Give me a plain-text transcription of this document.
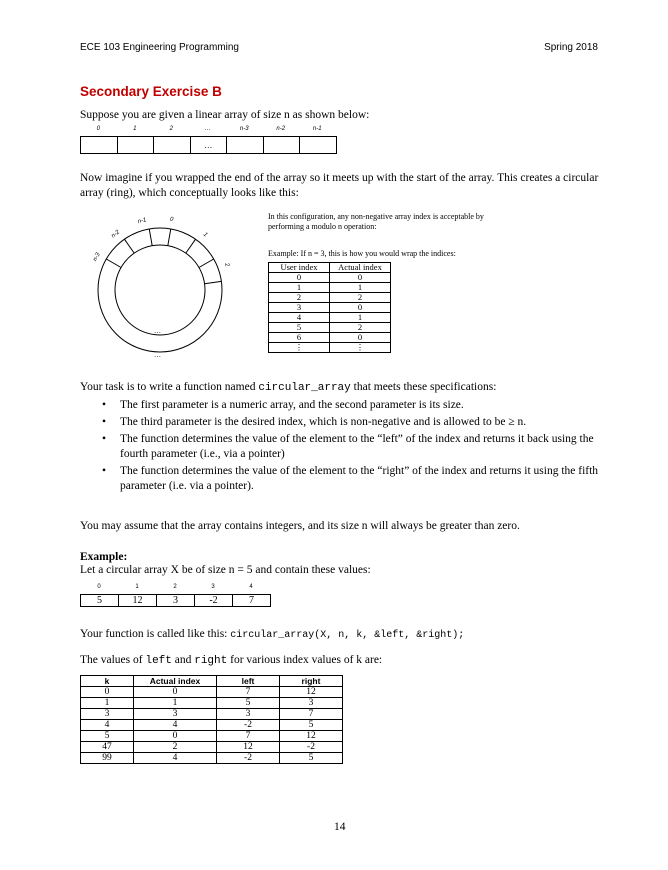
ECE 103 Engineering Programming	Spring 2018
Secondary Exercise B
Suppose you are given a linear array of size n as shown below:
0	1	2	…	n-3	n-2	n-1
…
Now imagine if you wrapped the end of the array so it meets up with the start of the array. This creates a circular array (ring), which conceptually looks like this:
n-3
n-2
n-1	0
1
2
…
…
In this configuration, any non-negative array index is acceptable by performing a modulo n operation:
Example: If n = 3, this is how you would wrap the indices:
User index	Actual index
0	0
1	1
2	2
3	0
4	1
5	2
6	0
⋮	⋮
Your task is to write a function named circular_array that meets these specifications:
• The first parameter is a numeric array, and the second parameter is its size.
• The third parameter is the desired index, which is non-negative and is allowed to be ≥ n.
• The function determines the value of the element to the “left” of the index and returns it back using the fourth parameter (i.e., via a pointer)
• The function determines the value of the element to the “right” of the index and returns it using the fifth parameter (i.e. via a pointer).
You may assume that the array contains integers, and its size n will always be greater than zero.
Example:
Let a circular array X be of size n = 5 and contain these values:
0	1	2	3	4
5	12	3	-2	7
Your function is called like this: circular_array(X, n, k, &left, &right);
The values of left and right for various index values of k are:
k	Actual index	left	right
0	0	7	12
1	1	5	3
3	3	3	7
4	4	-2	5
5	0	7	12
47	2	12	-2
99	4	-2	5
14
